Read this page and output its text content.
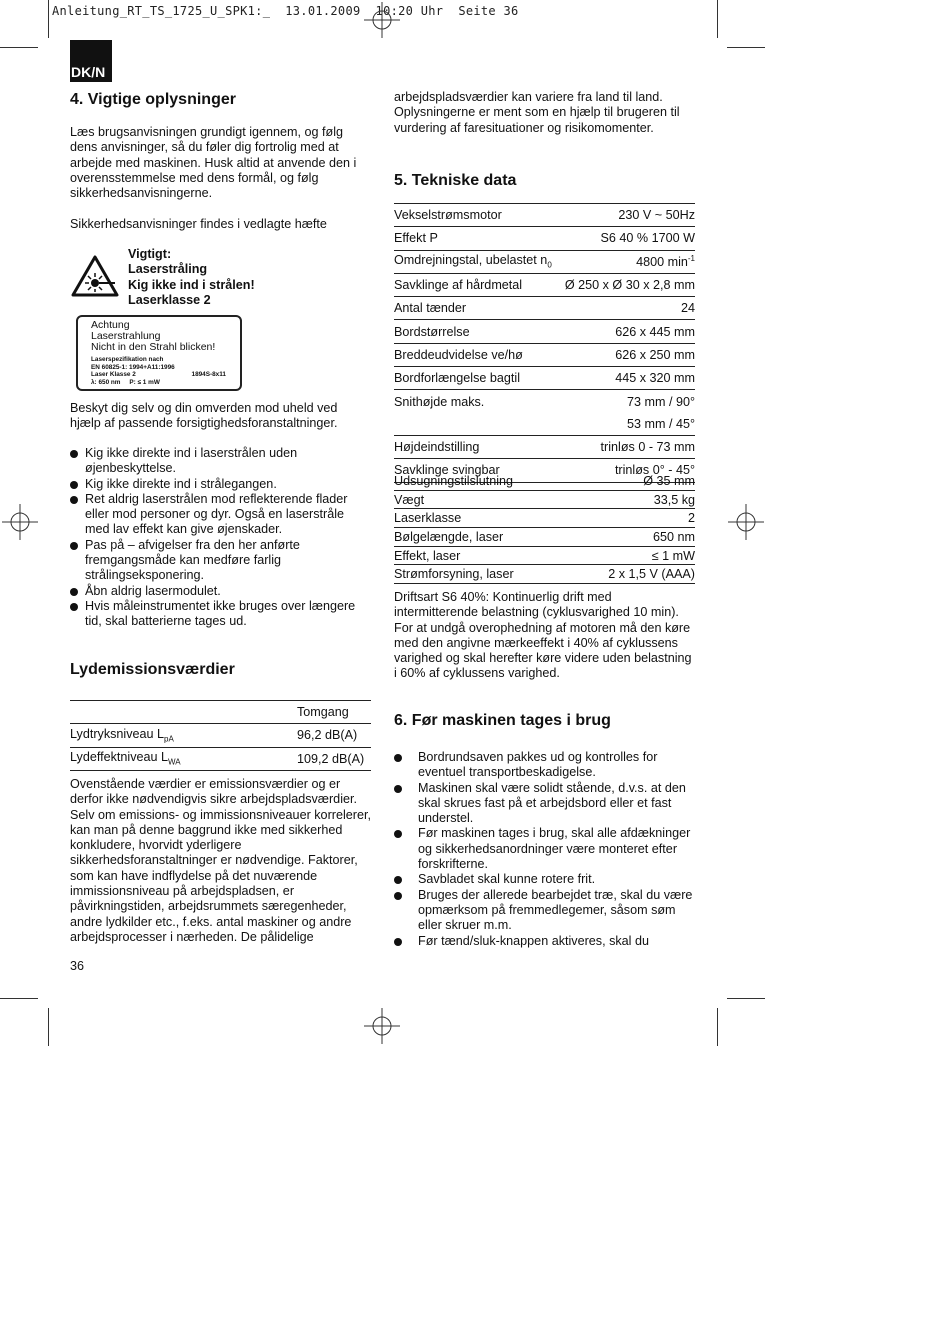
Anleitung_RT_TS_1725_U_SPK1:_  13.01.2009  10:20 Uhr  Seite 36
DK/N
4. Vigtige oplysninger

Læs brugsanvisningen grundigt igennem, og følg dens anvisninger, så du føler dig fortrolig med at arbejde med maskinen. Husk altid at anvende den i overensstemmelse med dens formål, og følg sikkerhedsanvisningerne.

Sikkerhedsanvisninger findes i vedlagte hæfte

Vigtigt:
Laserstråling
Kig ikke ind i strålen!
Laserklasse 2
Achtung
Laserstrahlung
Nicht in den Strahl blicken!
Laserspezifikation nach
EN 60825-1: 1994+A11:1996
Laser Klasse 2	1894S-8x11
λ: 650 nm     P: ≤ 1 mW

Beskyt dig selv og din omverden mod uheld ved hjælp af passende forsigtighedsforanstaltninger.

Kig ikke direkte ind i laserstrålen uden øjenbeskyttelse.
Kig ikke direkte ind i strålegangen.
Ret aldrig laserstrålen mod reflekterende flader eller mod personer og dyr. Også en laserstråle med lav effekt kan give øjenskader.
Pas på – afvigelser fra den her anførte fremgangsmåde kan medføre farlig strålingseksponering.
Åbn aldrig lasermodulet.
Hvis måleinstrumentet ikke bruges over længere tid, skal batterierne tages ud.
Lydemissionsværdier
	Tomgang
Lydtryksniveau $L_{pA}$	96,2 dB(A)
Lydeffektniveau $L_{WA}$	109,2 dB(A)

Ovenstående værdier er emissionsværdier og er derfor ikke nødvendigvis sikre arbejdspladsværdier. Selv om emissions- og immissionsniveauer korrelerer, kan man på denne baggrund ikke med sikkerhed konkludere, hvorvidt yderligere sikkerhedsforanstaltninger er nødvendige. Faktorer, som kan have indflydelse på det nuværende immissionsniveau på arbejdspladsen, er påvirkningstiden, arbejdsrummets særegenheder, andre lydkilder etc., f.eks. antal maskiner og andre arbejdsprocesser i nærheden. De pålidelige

36

arbejdspladsværdier kan variere fra land til land. Oplysningerne er ment som en hjælp til brugeren til vurdering af faresituationer og risikomomenter.

5. Tekniske data
Vekselstrømsmotor	230 V ~ 50Hz
Effekt P	S6 40 % 1700 W
Omdrejningstal, ubelastet $n_0$	4800 $\min^{-1}$
Savklinge af hårdmetal	Ø 250 x Ø 30 x 2,8 mm
Antal tænder	24
Bordstørrelse	626 x 445 mm
Breddeudvidelse ve/hø	626 x 250 mm
Bordforlængelse bagtil	445 x 320 mm
Snithøjde maks.	73 mm / 90°
	53 mm / 45°
Højdeindstilling	trinløs 0 - 73 mm
Savklinge svingbar	trinløs 0° - 45°
Udsugningstilslutning	Ø 35 mm
Vægt	33,5 kg
Laserklasse	2
Bølgelængde, laser	650 nm
Effekt, laser	≤ 1 mW
Strømforsyning, laser	2 x 1,5 V (AAA)

Driftsart S6 40%: Kontinuerlig drift med intermitterende belastning (cyklusvarighed 10 min). For at undgå overophedning af motoren må den køre med den angivne mærkeeffekt i 40% af cyklussens varighed og skal herefter køre videre uden belastning i 60% af cyklussens varighed.

6. Før maskinen tages i brug
Bordrundsaven pakkes ud og kontrolles for eventuel transportbeskadigelse.
Maskinen skal være solidt stående, d.v.s. at den skal skrues fast på et arbejdsbord eller et fast understel.
Før maskinen tages i brug, skal alle afdækninger og sikkerhedsanordninger være monteret efter forskrifterne.
Savbladet skal kunne rotere frit.
Bruges der allerede bearbejdet træ, skal du være opmærksom på fremmedlegemer, såsom søm eller skruer m.m.
Før tænd/sluk-knappen aktiveres, skal du
